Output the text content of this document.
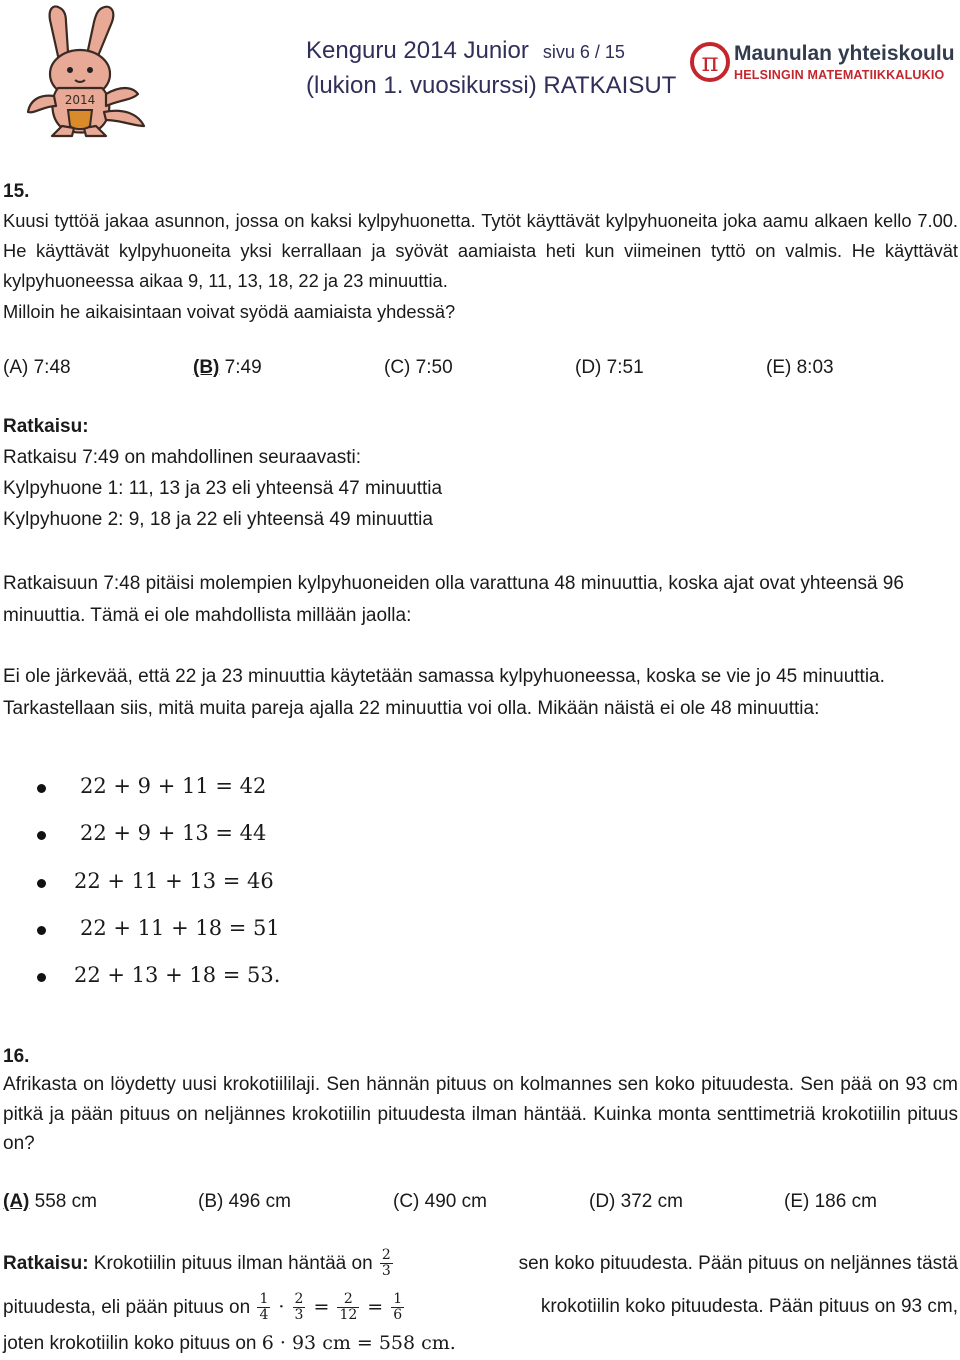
2014
Kenguru 2014 Junior sivu 6 / 15
(lukion 1. vuosikurssi) RATKAISUT
π Maunulan yhteiskoulu
HELSINGIN MATEMATIIKKALUKIO
15.
Kuusi tyttöä jakaa asunnon, jossa on kaksi kylpyhuonetta. Tytöt käyttävät kylpyhuoneita joka aamu alkaen kello 7.00. He käyttävät kylpyhuoneita yksi kerrallaan ja syövät aamiaista heti kun viimeinen tyttö on valmis. He käyttävät kylpyhuoneessa aikaa 9, 11, 13, 18, 22 ja 23 minuuttia.
Milloin he aikaisintaan voivat syödä aamiaista yhdessä?
(A) 7:48	(B) 7:49	(C) 7:50	(D) 7:51	(E) 8:03
Ratkaisu:
Ratkaisu 7:49 on mahdollinen seuraavasti:
Kylpyhuone 1: 11, 13 ja 23 eli yhteensä 47 minuuttia
Kylpyhuone 2: 9, 18 ja 22 eli yhteensä 49 minuuttia
Ratkaisuun 7:48 pitäisi molempien kylpyhuoneiden olla varattuna 48 minuuttia, koska ajat ovat yhteensä 96 minuuttia. Tämä ei ole mahdollista millään jaolla:
Ei ole järkevää, että 22 ja 23 minuuttia käytetään samassa kylpyhuoneessa, koska se vie jo 45 minuuttia. Tarkastellaan siis, mitä muita pareja ajalla 22 minuuttia voi olla. Mikään näistä ei ole 48 minuuttia:
22 + 9 + 11 = 42
22 + 9 + 13 = 44
22 + 11 + 13 = 46
22 + 11 + 18 = 51
22 + 13 + 18 = 53.
16.
Afrikasta on löydetty uusi krokotiililaji. Sen hännän pituus on kolmannes sen koko pituudesta. Sen pää on 93 cm pitkä ja pään pituus on neljännes krokotiilin pituudesta ilman häntää. Kuinka monta senttimetriä krokotiilin pituus on?
(A) 558 cm	(B) 496 cm	(C) 490 cm	(D) 372 cm	(E) 186 cm
Ratkaisu: Krokotiilin pituus ilman häntää on $\frac{2}{3}$	sen koko pituudesta. Pään pituus on neljännes tästä
pituudesta, eli pään pituus on $\frac{1}{4} \cdot \frac{2}{3} = \frac{2}{12} = \frac{1}{6}$	krokotiilin koko pituudesta. Pään pituus on 93 cm,
joten krokotiilin koko pituus on 6 · 93 cm = 558 cm.
